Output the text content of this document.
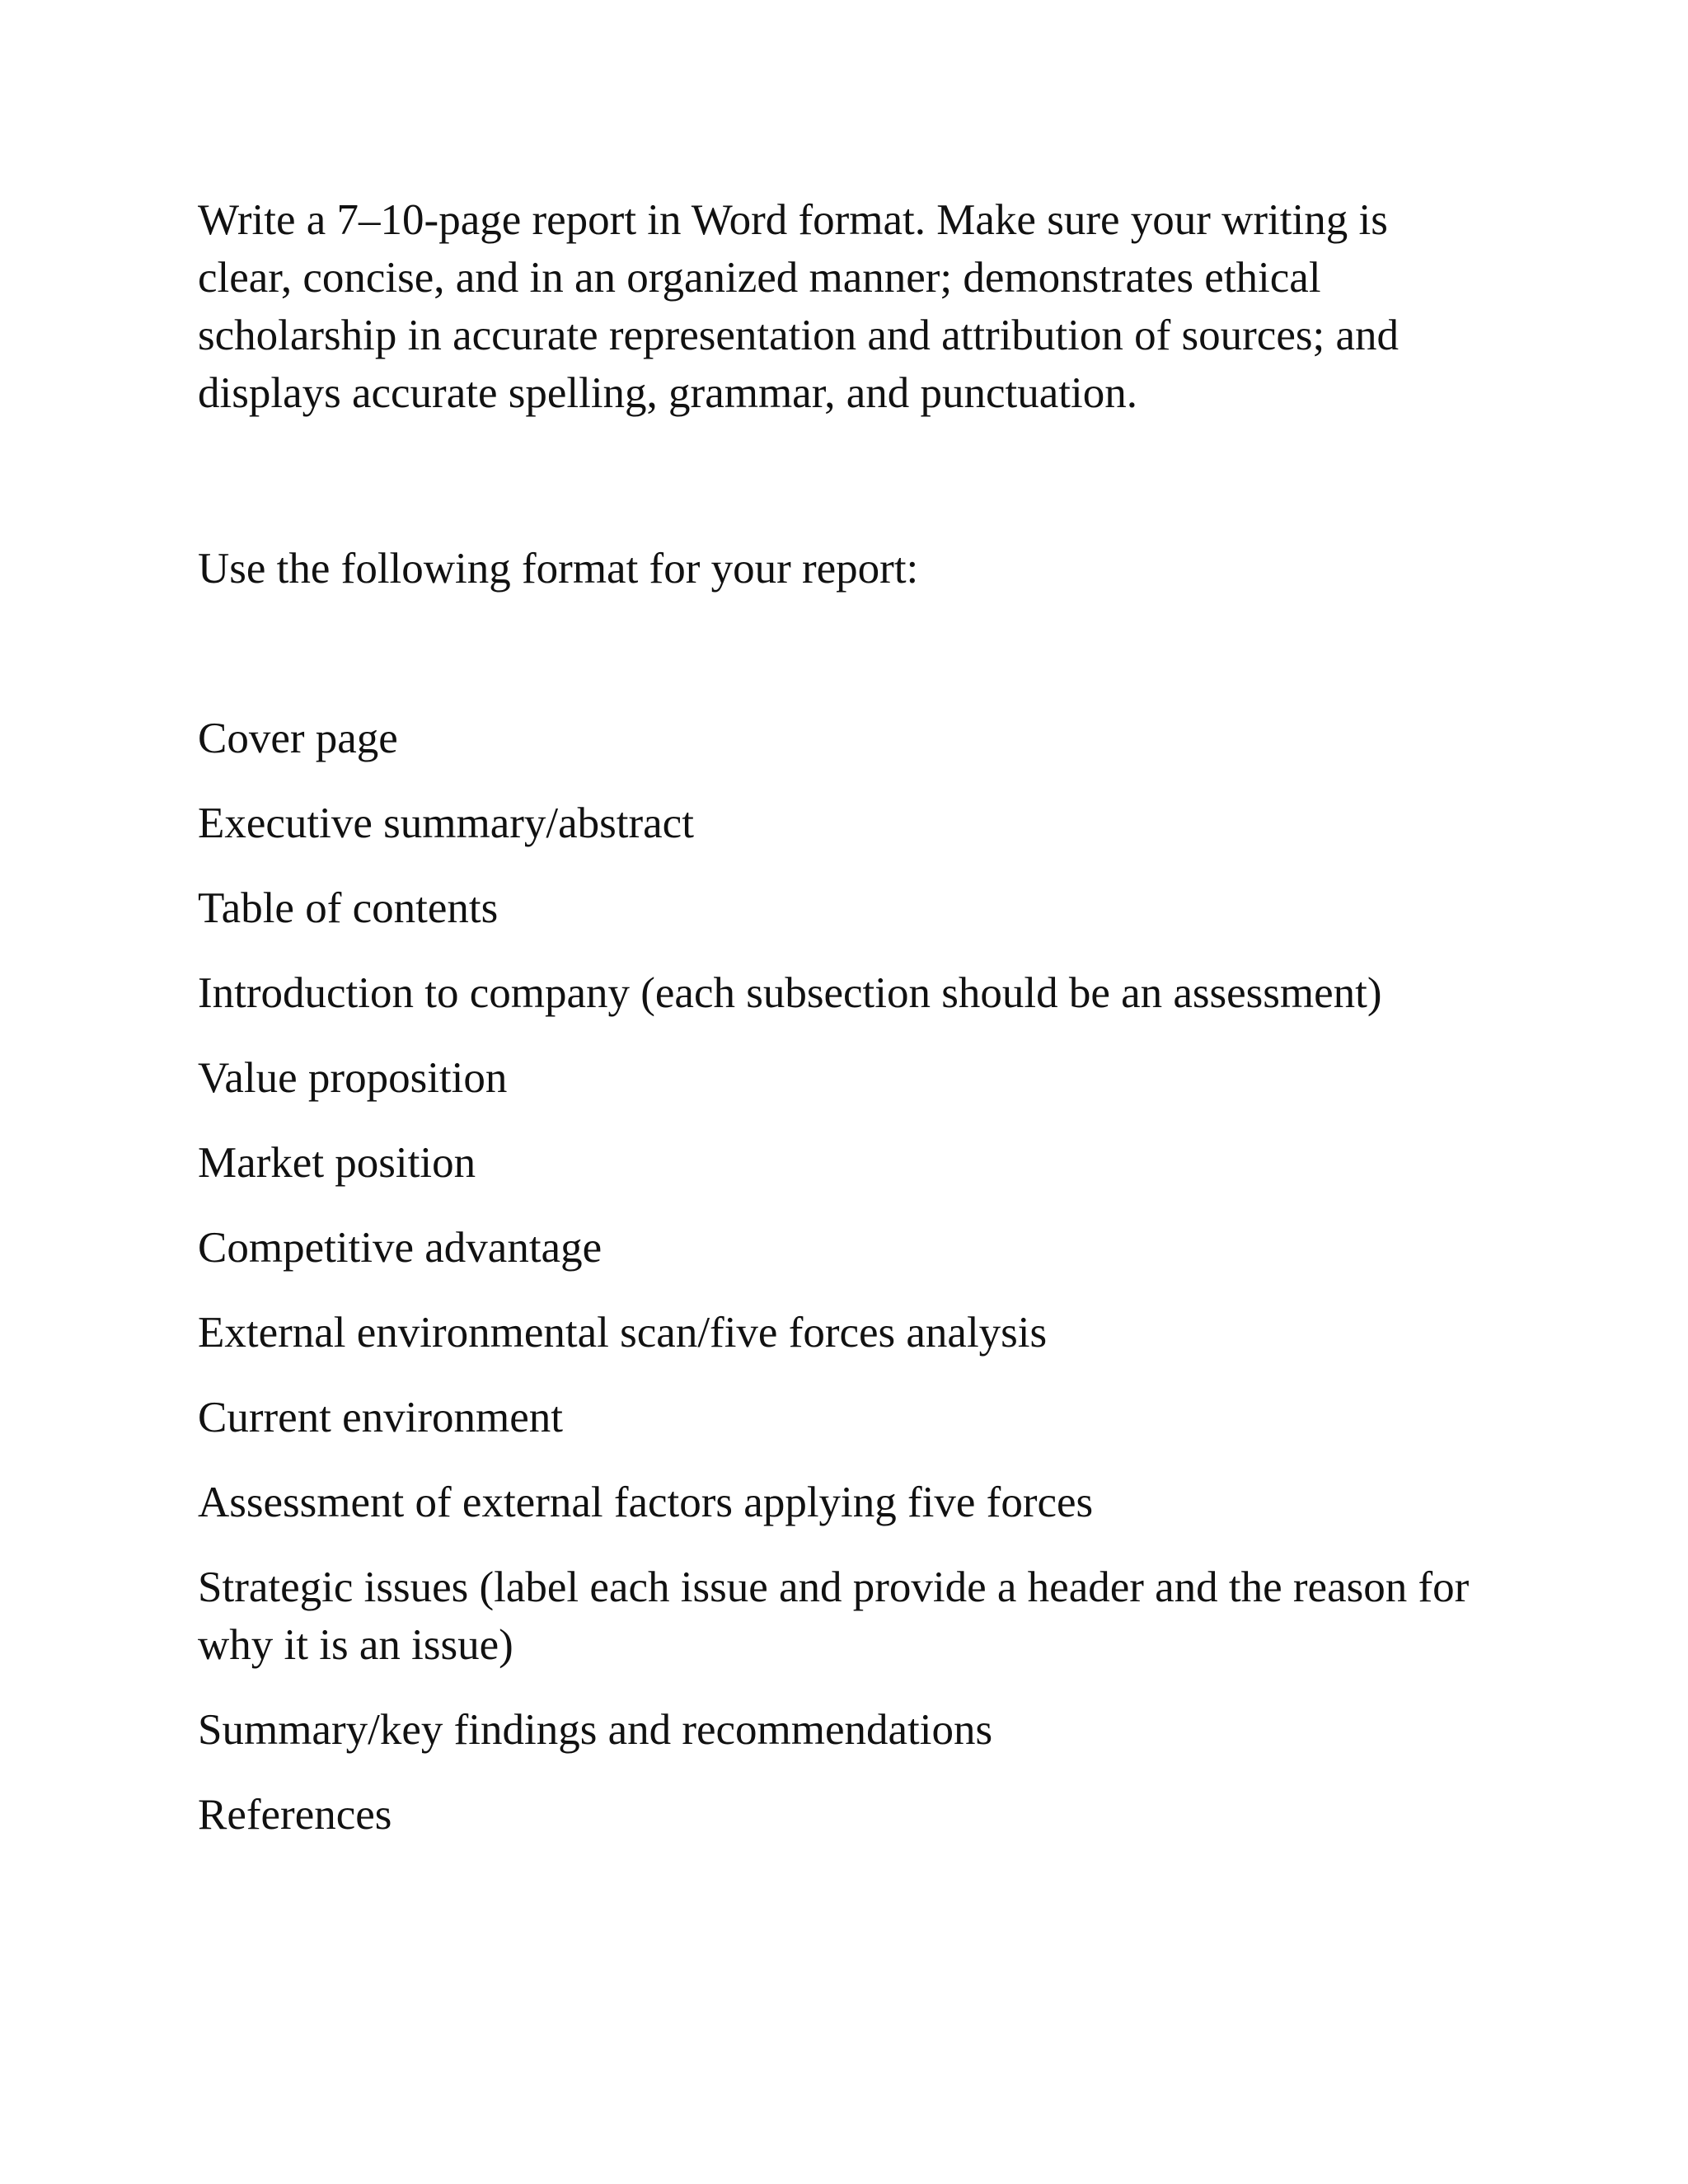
Write a 7–10-page report in Word format. Make sure your writing is clear, concise, and in an organized manner; demonstrates ethical scholarship in accurate representation and attribution of sources; and displays accurate spelling, grammar, and punctuation.

Use the following format for your report:

Cover page
Executive summary/abstract
Table of contents
Introduction to company (each subsection should be an assessment)
Value proposition
Market position
Competitive advantage
External environmental scan/five forces analysis
Current environment
Assessment of external factors applying five forces
Strategic issues (label each issue and provide a header and the reason for why it is an issue)
Summary/key findings and recommendations
References
